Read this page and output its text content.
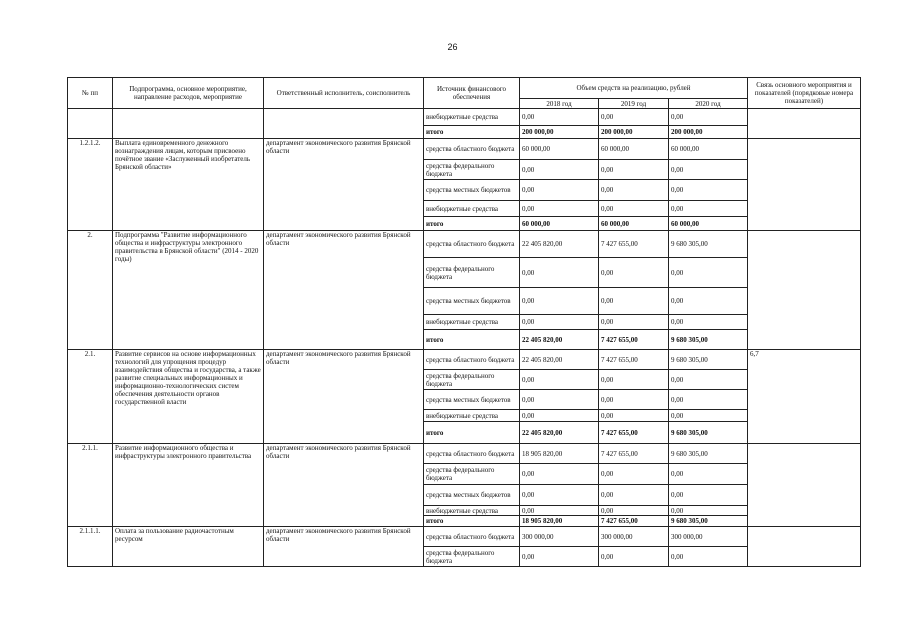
26
№ пп	Подпрограмма, основное мероприятие, направление расходов, мероприятие	Ответственный исполнитель, соисполнитель	Источник финансового обеспечения	Объем средств на реализацию, рублей			Связь основного мероприятия и показателей (порядковые номера показателей)
				2018 год	2019 год	2020 год	
			внебюджетные средства	0,00	0,00	0,00	
			итого	200 000,00	200 000,00	200 000,00	
1.2.1.2.	Выплата единовременного денежного вознаграждения лицам, которым присвоено почётное звание «Заслуженный изобретатель Брянской области»	департамент экономического развития Брянской области	средства областного бюджета	60 000,00	60 000,00	60 000,00	
			средства федерального бюджета	0,00	0,00	0,00	
			средства местных бюджетов	0,00	0,00	0,00	
			внебюджетные средства	0,00	0,00	0,00	
			итого	60 000,00	60 000,00	60 000,00	
2.	Подпрограмма "Развитие информационного общества и инфраструктуры электронного правительства в Брянской области" (2014 - 2020 годы)	департамент экономического развития Брянской области	средства областного бюджета	22 405 820,00	7 427 655,00	9 680 305,00	
			средства федерального бюджета	0,00	0,00	0,00	
			средства местных бюджетов	0,00	0,00	0,00	
			внебюджетные средства	0,00	0,00	0,00	
			итого	22 405 820,00	7 427 655,00	9 680 305,00	
2.1.	Развитие сервисов на основе информационных технологий для упрощения процедур взаимодействия общества и государства, а также развитие специальных информационных и информационно-технологических систем обеспечения деятельности органов государственной власти	департамент экономического развития Брянской области	средства областного бюджета	22 405 820,00	7 427 655,00	9 680 305,00	6,7
			средства федерального бюджета	0,00	0,00	0,00	
			средства местных бюджетов	0,00	0,00	0,00	
			внебюджетные средства	0,00	0,00	0,00	
			итого	22 405 820,00	7 427 655,00	9 680 305,00	
2.1.1.	Развитие информационного общества и инфраструктуры электронного правительства	департамент экономического развития Брянской области	средства областного бюджета	18 905 820,00	7 427 655,00	9 680 305,00	
			средства федерального бюджета	0,00	0,00	0,00	
			средства местных бюджетов	0,00	0,00	0,00	
			внебюджетные средства	0,00	0,00	0,00	
			итого	18 905 820,00	7 427 655,00	9 680 305,00	
2.1.1.1.	Оплата за пользование радиочастотным ресурсом	департамент экономического развития Брянской области	средства областного бюджета	300 000,00	300 000,00	300 000,00	
			средства федерального бюджета	0,00	0,00	0,00	
